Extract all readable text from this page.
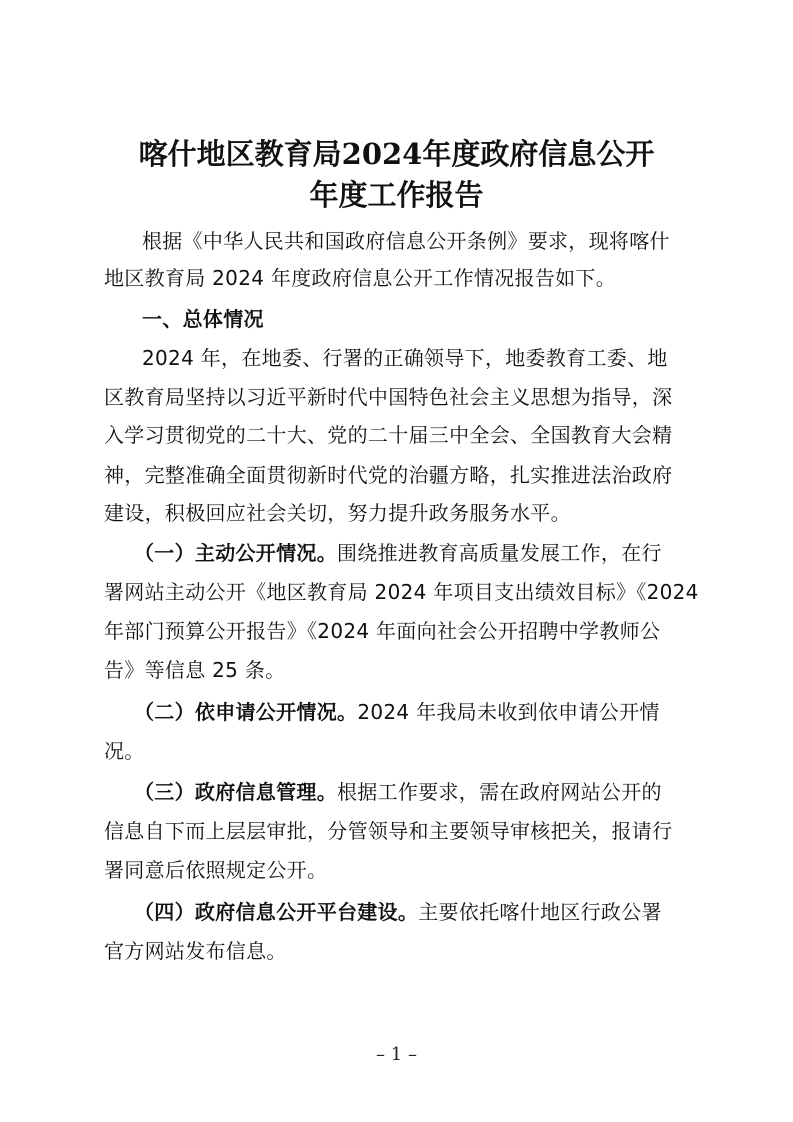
喀什地区教育局2024年度政府信息公开
年度工作报告
根据《中华人民共和国政府信息公开条例》要求，现将喀什
地区教育局 2024 年度政府信息公开工作情况报告如下。
一、总体情况
2024 年，在地委、行署的正确领导下，地委教育工委、地
区教育局坚持以习近平新时代中国特色社会主义思想为指导，深
入学习贯彻党的二十大、党的二十届三中全会、全国教育大会精
神，完整准确全面贯彻新时代党的治疆方略，扎实推进法治政府
建设，积极回应社会关切，努力提升政务服务水平。
（一）主动公开情况。围绕推进教育高质量发展工作，在行
署网站主动公开《地区教育局 2024 年项目支出绩效目标》《2024
年部门预算公开报告》《2024 年面向社会公开招聘中学教师公
告》等信息 25 条。
（二）依申请公开情况。2024 年我局未收到依申请公开情
况。
（三）政府信息管理。根据工作要求，需在政府网站公开的
信息自下而上层层审批，分管领导和主要领导审核把关，报请行
署同意后依照规定公开。
（四）政府信息公开平台建设。主要依托喀什地区行政公署
官方网站发布信息。
– 1 –
